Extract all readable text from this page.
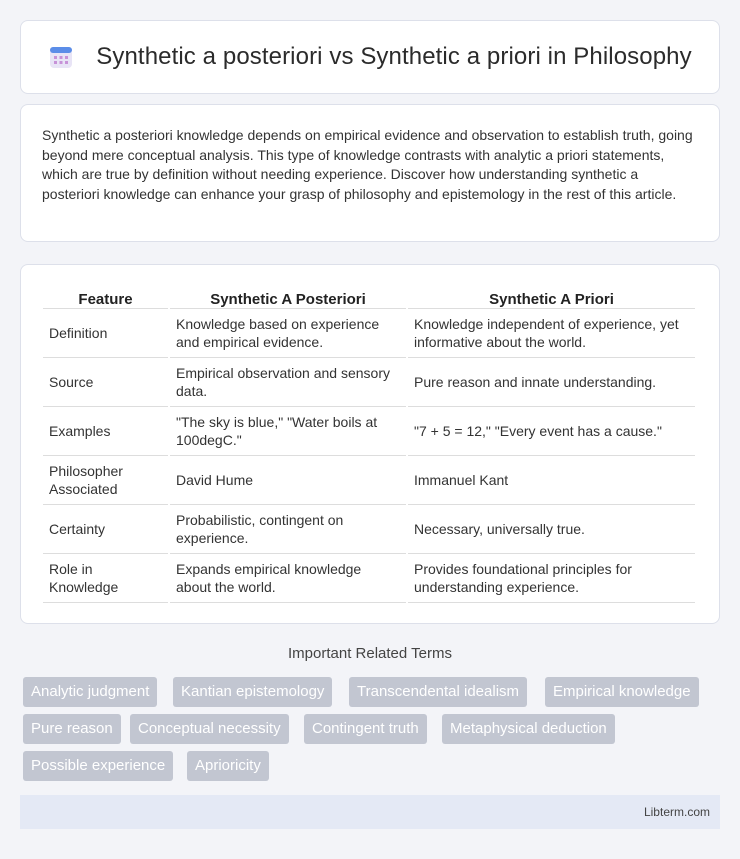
Synthetic a posteriori vs Synthetic a priori in Philosophy

Synthetic a posteriori knowledge depends on empirical evidence and observation to establish truth, going beyond mere conceptual analysis. This type of knowledge contrasts with analytic a priori statements, which are true by definition without needing experience. Discover how understanding synthetic a posteriori knowledge can enhance your grasp of philosophy and epistemology in the rest of this article.

Feature	Synthetic A Posteriori	Synthetic A Priori
Definition	Knowledge based on experience and empirical evidence.	Knowledge independent of experience, yet informative about the world.
Source	Empirical observation and sensory data.	Pure reason and innate understanding.
Examples	"The sky is blue," "Water boils at 100degC."	"7 + 5 = 12," "Every event has a cause."
Philosopher Associated	David Hume	Immanuel Kant
Certainty	Probabilistic, contingent on experience.	Necessary, universally true.
Role in Knowledge	Expands empirical knowledge about the world.	Provides foundational principles for understanding experience.
Important Related Terms
Analytic judgment	Kantian epistemology	Transcendental idealism	Empirical knowledge
Pure reason	Conceptual necessity	Contingent truth	Metaphysical deduction
Possible experience	Aprioricity
Libterm.com
